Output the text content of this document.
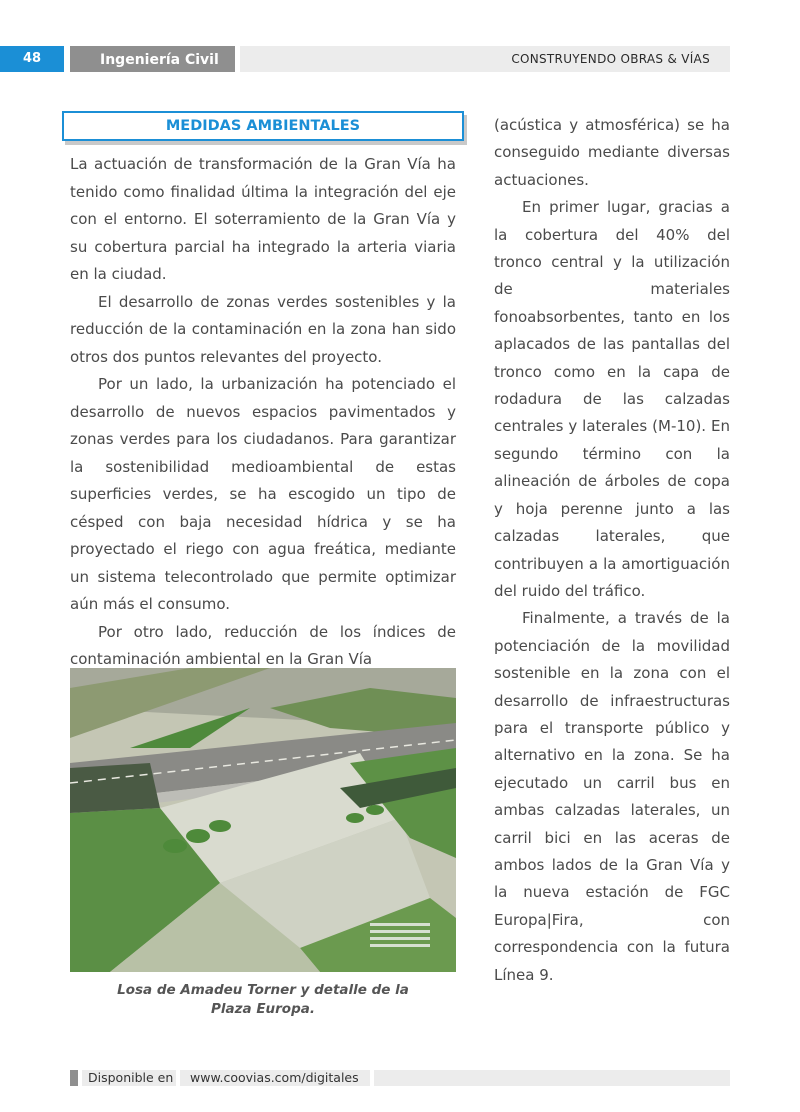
48	Ingeniería Civil	CONSTRUYENDO OBRAS & VÍAS
MEDIDAS AMBIENTALES

La actuación de transformación de la Gran Vía ha tenido como finalidad última la integración del eje con el entorno. El soterramiento de la Gran Vía y su cobertura parcial ha integrado la arteria viaria en la ciudad.

El desarrollo de zonas verdes sostenibles y la reducción de la contaminación en la zona han sido otros dos puntos relevantes del proyecto.

Por un lado, la urbanización ha potenciado el desarrollo de nuevos espacios pavimentados y zonas verdes para los ciudadanos. Para garantizar la sostenibilidad medioambiental de estas superficies verdes, se ha escogido un tipo de césped con baja necesidad hídrica y se ha proyectado el riego con agua freática, mediante un sistema telecontrolado que permite optimizar aún más el consumo.

Por otro lado, reducción de los índices de contaminación ambiental en la Gran Vía

Losa de Amadeu Torner y detalle de la Plaza Europa.

(acústica y atmosférica) se ha conseguido mediante diversas actuaciones.

En primer lugar, gracias a la cobertura del 40% del tronco central y la utilización de materiales fonoabsorbentes, tanto en los aplacados de las pantallas del tronco como en la capa de rodadura de las calzadas centrales y laterales (M-10). En segundo término con la alineación de árboles de copa y hoja perenne junto a las calzadas laterales, que contribuyen a la amortiguación del ruido del tráfico.

Finalmente, a través de la potenciación de la movilidad sostenible en la zona con el desarrollo de infraestructuras para el transporte público y alternativo en la zona. Se ha ejecutado un carril bus en ambas calzadas laterales, un carril bici en las aceras de ambos lados de la Gran Vía y la nueva estación de FGC Europa|Fira, con correspondencia con la futura Línea 9.

Disponible en	www.coovias.com/digitales
